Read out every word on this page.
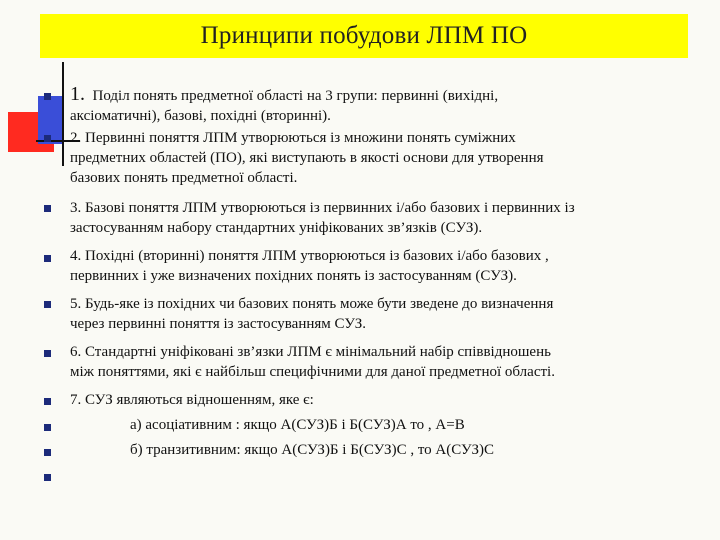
Принципи побудови ЛПМ ПО
1. Поділ понять предметної області на 3 групи: первинні (вихідні,
аксіоматичні), базові, похідні (вторинні).
2. Первинні поняття ЛПМ утворюються із множини понять суміжних
предметних областей (ПО), які виступають в якості основи для утворення
базових понять предметної області.
3. Базові поняття ЛПМ утворюються із первинних і/або базових і первинних із
застосуванням набору стандартних уніфікованих зв’язків (СУЗ).
4. Похідні (вторинні) поняття ЛПМ утворюються із базових і/або базових ,
первинних і уже визначених похідних понять із застосуванням (СУЗ).
5. Будь-яке із похідних чи базових понять може бути зведене до визначення
через первинні поняття із застосуванням СУЗ.
6. Стандартні уніфіковані зв’язки ЛПМ є мінімальний набір співвідношень
між поняттями, які є найбільш специфічними для даної предметної області.
7. СУЗ являються відношенням, яке є:
а) асоціативним : якщо А(СУЗ)Б і Б(СУЗ)А то , А=В
б) транзитивним: якщо А(СУЗ)Б і Б(СУЗ)С , то А(СУЗ)С
